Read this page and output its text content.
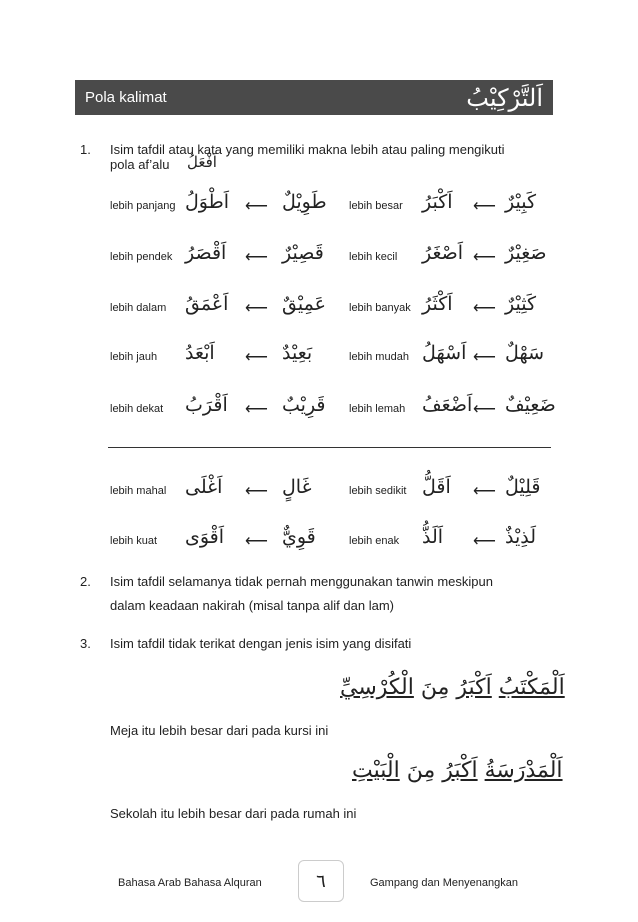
Pola kalimat	اَلتَّرْكِيْبُ
1. Isim tafdil atau kata yang memiliki makna lebih atau paling mengikuti
pola af’alu اَفْعَلُ
lebih panjang اَطْوَلُ ⟵ طَوِيْلٌ
lebih pendek اَقْصَرُ ⟵ قَصِيْرٌ
lebih dalam اَعْمَقُ ⟵ عَمِيْقٌ
lebih jauh اَبْعَدُ ⟵ بَعِيْدٌ
lebih dekat اَقْرَبُ ⟵ قَرِيْبٌ
lebih mahal اَغْلَى ⟵ غَالٍ
lebih kuat اَقْوَى ⟵ قَوِيٌّ
lebih besar اَكْبَرُ ⟵ كَبِيْرٌ
lebih kecil اَصْغَرُ ⟵ صَغِيْرٌ
lebih banyak اَكْثَرُ ⟵ كَثِيْرٌ
lebih mudah اَسْهَلُ ⟵ سَهْلٌ
lebih lemah اَضْعَفُ ⟵ ضَعِيْفٌ
lebih sedikit اَقَلُّ ⟵ قَلِيْلٌ
lebih enak اَلَذُّ ⟵ لَذِيْذٌ
2. Isim tafdil selamanya tidak pernah menggunakan tanwin meskipun
dalam keadaan nakirah (misal tanpa alif dan lam)
3. Isim tafdil tidak terikat dengan jenis isim yang disifati
اَلْمَكْتَبُ اَكْبَرُ مِنَ الْكُرْسِيِّ
Meja itu lebih besar dari pada kursi ini
اَلْمَدْرَسَةُ اَكْبَرُ مِنَ الْبَيْتِ
Sekolah itu lebih besar dari pada rumah ini
Bahasa Arab Bahasa Alquran	٦	Gampang dan Menyenangkan
